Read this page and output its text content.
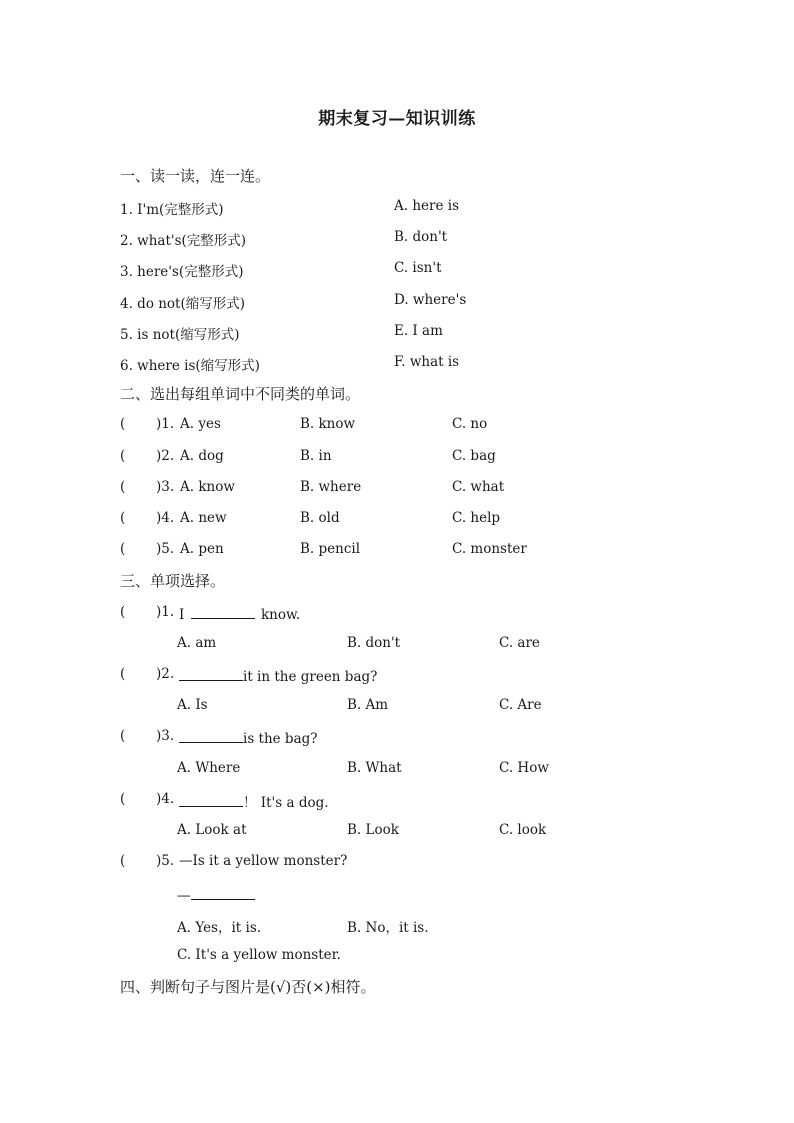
期末复习—知识训练
一、读一读，连一连。
1. I'm(完整形式)	A. here is
2. what's(完整形式)	B. don't
3. here's(完整形式)	C. isn't
4. do not(缩写形式)	D. where's
5. is not(缩写形式)	E. I am
6. where is(缩写形式)	F. what is
二、选出每组单词中不同类的单词。
( )1. A. yes	B. know	C. no
( )2. A. dog	B. in	C. bag
( )3. A. know	B. where	C. what
( )4. A. new	B. old	C. help
( )5. A. pen	B. pencil	C. monster
三、单项选择。
( )1. I	know.
A. am	B. don't	C. are
( )2.	it in the green bag?
A. Is	B. Am	C. Are
( )3.	is the bag?
A. Where	B. What	C. How
( )4.	！ It's a dog.
A. Look at	B. Look	C. look
( )5. —Is it a yellow monster?
—
A. Yes，it is.	B. No，it is.
C. It's a yellow monster.
四、判断句子与图片是(√)否(×)相符。
